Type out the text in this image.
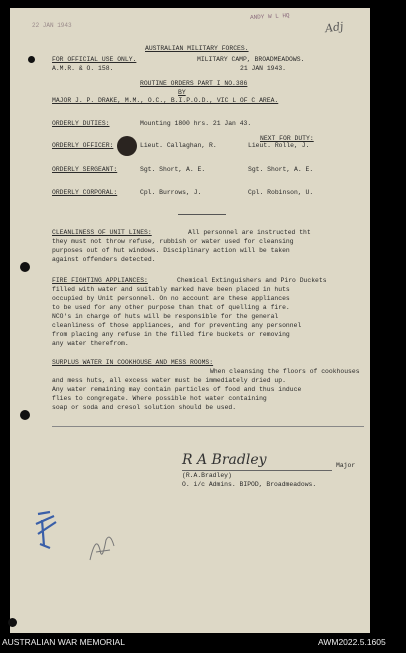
22 JAN 1943
ANDY W L HQ
Adj
AUSTRALIAN MILITARY FORCES.
FOR OFFICIAL USE ONLY.	MILITARY CAMP, BROADMEADOWS.
A.M.R. & O. 158.	21 JAN 1943.
ROUTINE ORDERS PART I NO.386
BY
MAJOR J. P. DRAKE, M.M., O.C., B.I.P.O.D., VIC L OF C AREA.
ORDERLY DUTIES:	Mounting 1800 hrs. 21 Jan 43.
NEXT FOR DUTY:
ORDERLY OFFICER:	Lieut. Callaghan, R.	Lieut. Rolle, J.
ORDERLY SERGEANT:	Sgt. Short, A. E.	Sgt. Short, A. E.
ORDERLY CORPORAL:	Cpl. Burrows, J.	Cpl. Robinson, U.
CLEANLINESS OF UNIT LINES:	All personnel are instructed tht
they must not throw refuse, rubbish or water used for cleansing
purposes out of hut windows. Disciplinary action will be taken
against offenders detected.
FIRE FIGHTING APPLIANCES:	Chemical Extinguishers and Piro Duckets
filled with water and suitably marked have been placed in huts
occupied by Unit personnel. On no account are these appliances
to be used for any other purpose than that of quelling a fire.
NCO's in charge of huts will be responsible for the general
cleanliness of those appliances, and for preventing any personnel
from placing any refuse in the filled fire buckets or removing
any water therefrom.
SURPLUS WATER IN COOKHOUSE AND MESS ROOMS:
When cleansing the floors of cookhouses
and mess huts, all excess water must be immediately dried up.
Any water remaining may contain particles of food and thus induce
flies to congregate. Where possible hot water containing
soap or soda and cresol solution should be used.
R A Bradley	Major
(R.A.Bradley)
O. i/c Admins. BIPOD, Broadmeadows.
AUSTRALIAN WAR MEMORIAL	AWM2022.5.1605
